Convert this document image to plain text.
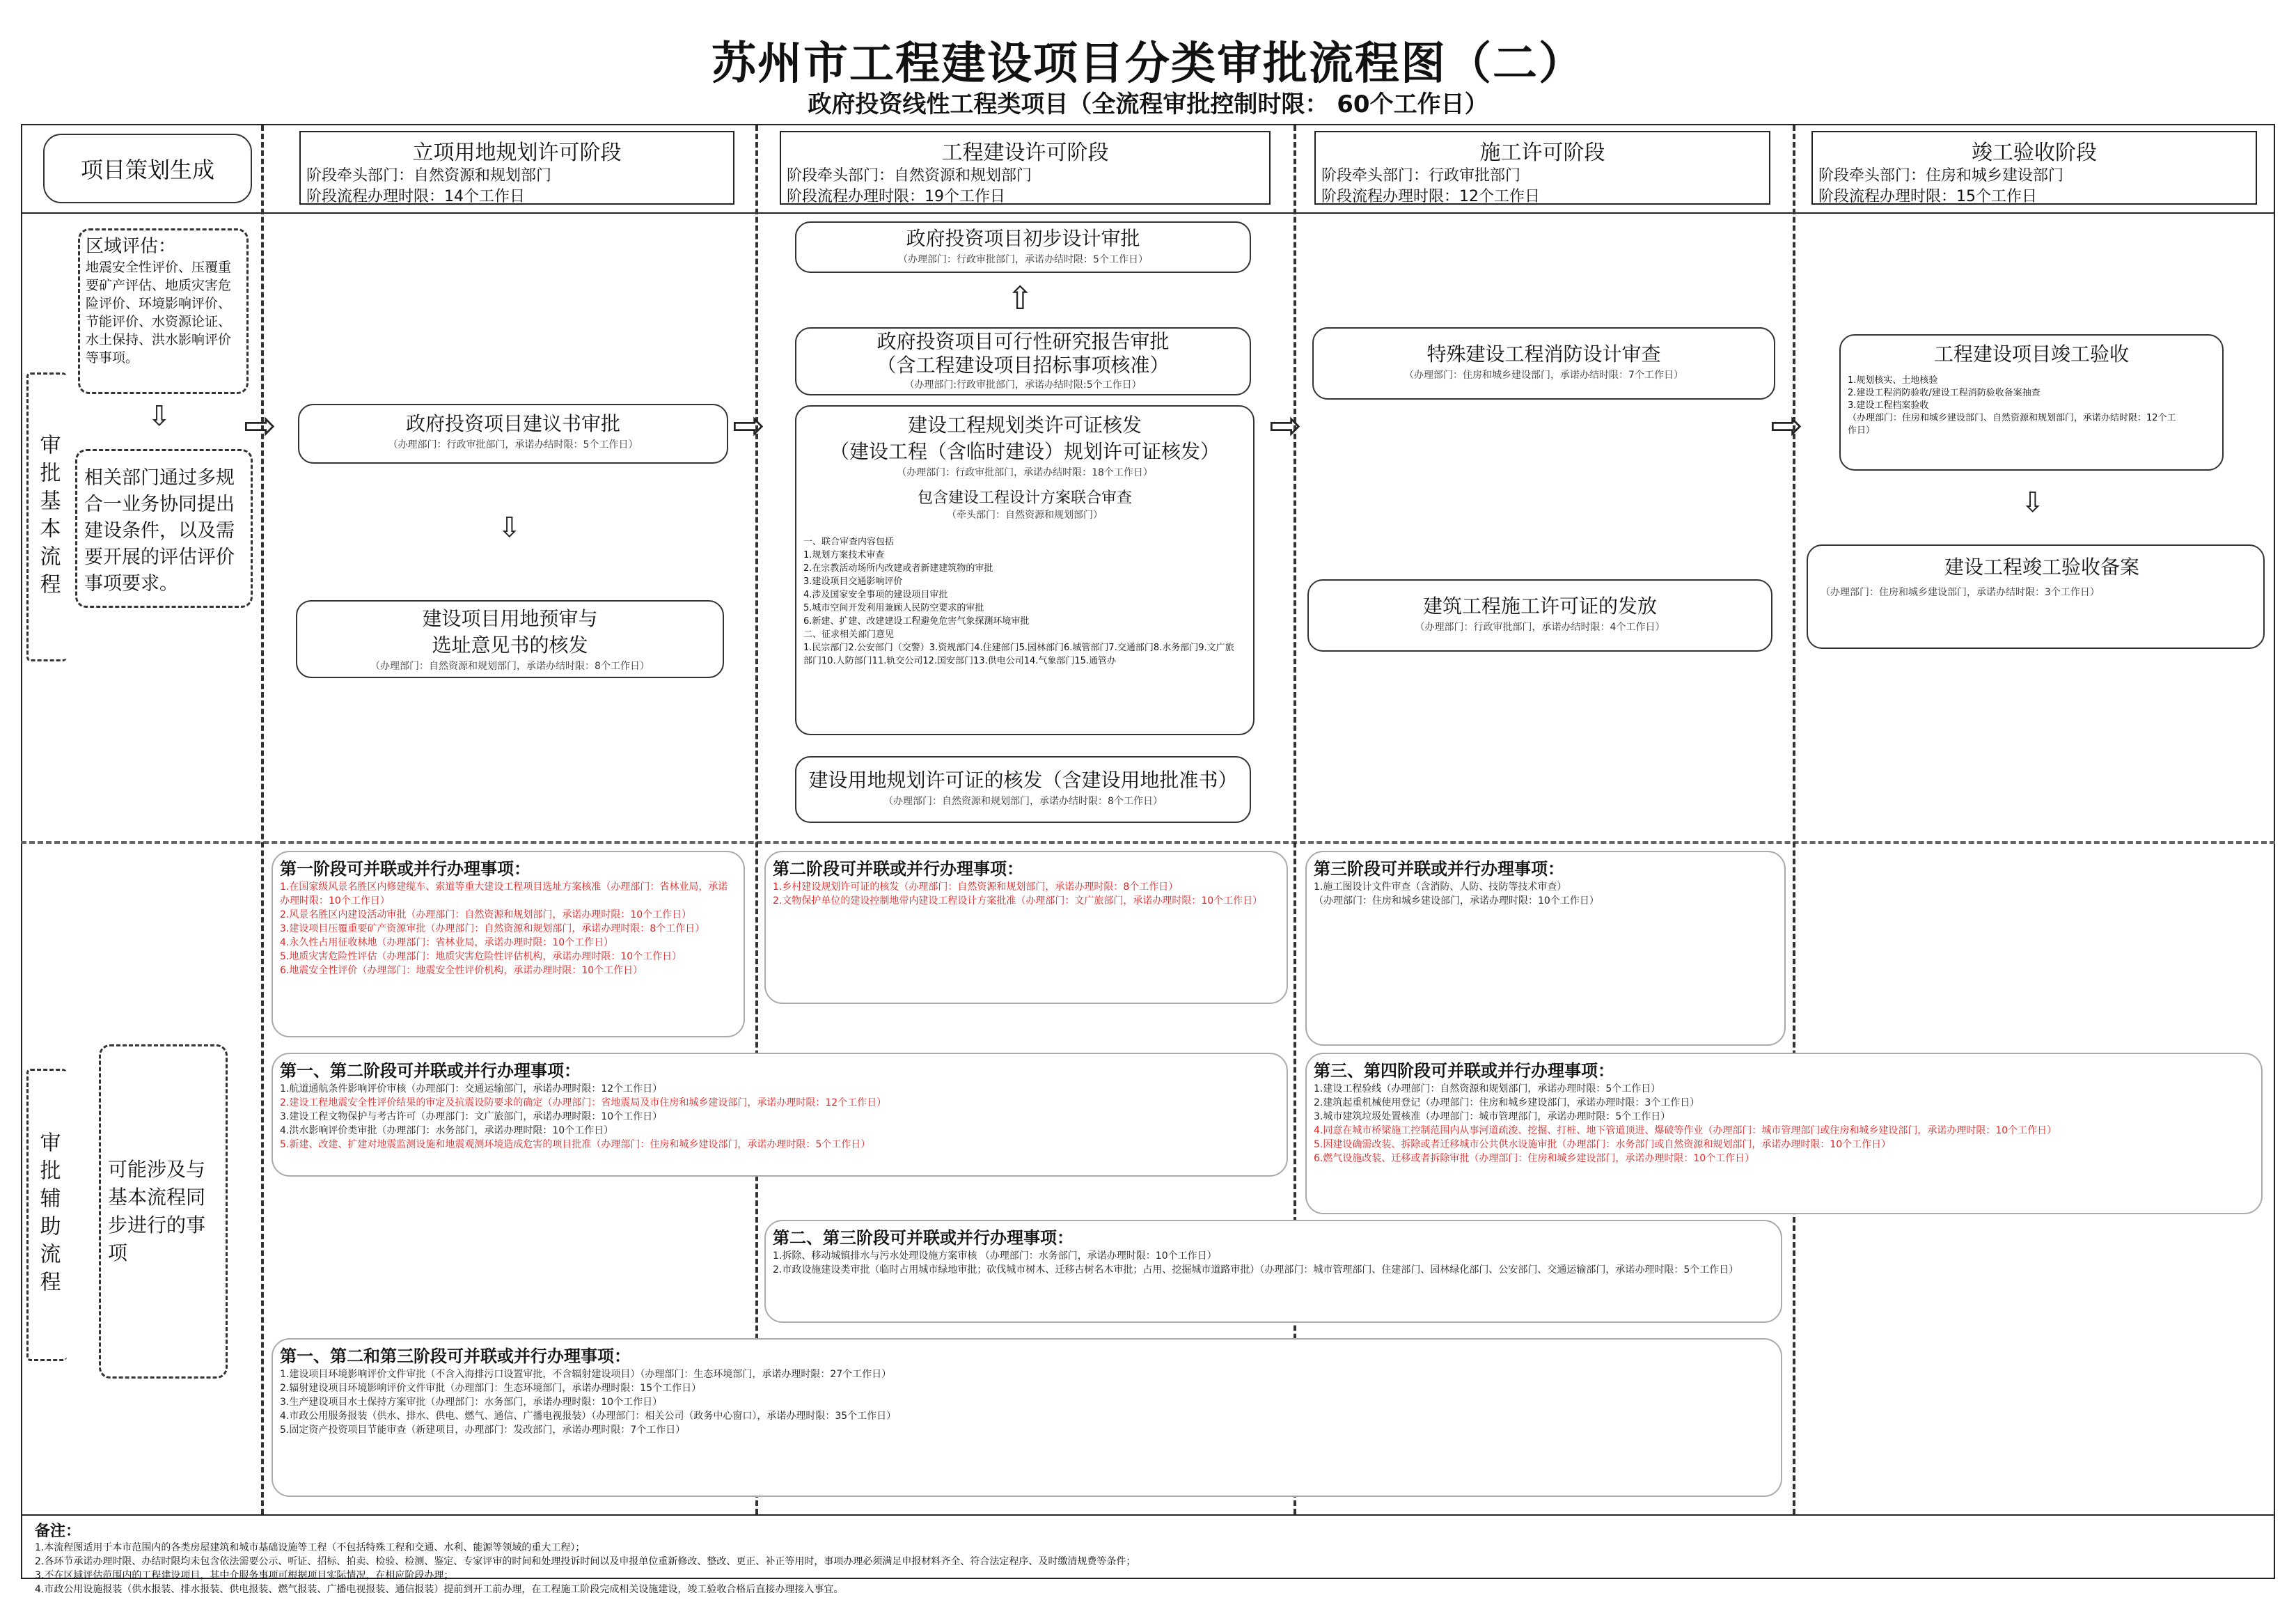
苏州市工程建设项目分类审批流程图（二）
政府投资线性工程类项目（全流程审批控制时限： 60个工作日）
项目策划生成
立项用地规划许可阶段
阶段牵头部门：自然资源和规划部门
阶段流程办理时限：14个工作日
工程建设许可阶段
阶段牵头部门：自然资源和规划部门
阶段流程办理时限：19个工作日
施工许可阶段
阶段牵头部门：行政审批部门
阶段流程办理时限：12个工作日
竣工验收阶段
阶段牵头部门：住房和城乡建设部门
阶段流程办理时限：15个工作日
审批基本流程
审批辅助流程
区域评估：
地震安全性评价、压覆重要矿产评估、地质灾害危险评价、环境影响评价、节能评价、水资源论证、水土保持、洪水影响评价等事项。
⇩
相关部门通过多规合一业务协同提出建设条件，以及需要开展的评估评价事项要求。
可能涉及与基本流程同步进行的事项
⇨	⇨	⇨	⇨
政府投资项目建议书审批
（办理部门：行政审批部门，承诺办结时限：5个工作日）
⇩
建设项目用地预审与
选址意见书的核发
（办理部门：自然资源和规划部门，承诺办结时限：8个工作日）
政府投资项目初步设计审批
（办理部门：行政审批部门，承诺办结时限：5个工作日）
⇧
政府投资项目可行性研究报告审批
（含工程建设项目招标事项核准）
（办理部门:行政审批部门，承诺办结时限:5个工作日）
建设工程规划类许可证核发
（建设工程（含临时建设）规划许可证核发）
（办理部门：行政审批部门，承诺办结时限：18个工作日）
包含建设工程设计方案联合审查
（牵头部门：自然资源和规划部门）
一、联合审查内容包括
1.规划方案技术审查
2.在宗教活动场所内改建或者新建建筑物的审批
3.建设项目交通影响评价
4.涉及国家安全事项的建设项目审批
5.城市空间开发利用兼顾人民防空要求的审批
6.新建、扩建、改建建设工程避免危害气象探测环境审批
二、征求相关部门意见
1.民宗部门2.公安部门（交警）3.资规部门4.住建部门5.园林部门6.城管部门7.交通部门8.水务部门9.文广旅部门10.人防部门11.轨交公司12.国安部门13.供电公司14.气象部门15.通管办
建设用地规划许可证的核发（含建设用地批准书）
（办理部门：自然资源和规划部门，承诺办结时限：8个工作日）
特殊建设工程消防设计审查
（办理部门：住房和城乡建设部门，承诺办结时限：7个工作日）
建筑工程施工许可证的发放
（办理部门：行政审批部门，承诺办结时限：4个工作日）
工程建设项目竣工验收
1.规划核实、土地核验
2.建设工程消防验收/建设工程消防验收备案抽查
3.建设工程档案验收
（办理部门：住房和城乡建设部门、自然资源和规划部门，承诺办结时限：12个工作日）
⇩
建设工程竣工验收备案
（办理部门：住房和城乡建设部门，承诺办结时限：3个工作日）
第一阶段可并联或并行办理事项：
1.在国家级风景名胜区内修建缆车、索道等重大建设工程项目选址方案核准（办理部门：省林业局，承诺办理时限：10个工作日）
2.风景名胜区内建设活动审批（办理部门：自然资源和规划部门，承诺办理时限：10个工作日）
3.建设项目压覆重要矿产资源审批（办理部门：自然资源和规划部门，承诺办理时限：8个工作日）
4.永久性占用征收林地（办理部门：省林业局，承诺办理时限：10个工作日）
5.地质灾害危险性评估（办理部门：地质灾害危险性评估机构，承诺办理时限：10个工作日）
6.地震安全性评价（办理部门：地震安全性评价机构，承诺办理时限：10个工作日）
第二阶段可并联或并行办理事项：
1.乡村建设规划许可证的核发（办理部门：自然资源和规划部门，承诺办理时限：8个工作日）
2.文物保护单位的建设控制地带内建设工程设计方案批准（办理部门：文广旅部门，承诺办理时限：10个工作日）
第三阶段可并联或并行办理事项：
1.施工图设计文件审查（含消防、人防、技防等技术审查）
（办理部门：住房和城乡建设部门，承诺办理时限：10个工作日）
第一、第二阶段可并联或并行办理事项：
1.航道通航条件影响评价审核（办理部门：交通运输部门，承诺办理时限：12个工作日）
2.建设工程地震安全性评价结果的审定及抗震设防要求的确定（办理部门：省地震局及市住房和城乡建设部门，承诺办理时限：12个工作日）
3.建设工程文物保护与考古许可（办理部门：文广旅部门，承诺办理时限：10个工作日）
4.洪水影响评价类审批（办理部门：水务部门，承诺办理时限：10个工作日）
5.新建、改建、扩建对地震监测设施和地震观测环境造成危害的项目批准（办理部门：住房和城乡建设部门，承诺办理时限：5个工作日）
第三、第四阶段可并联或并行办理事项：
1.建设工程验线（办理部门：自然资源和规划部门，承诺办理时限：5个工作日）
2.建筑起重机械使用登记（办理部门：住房和城乡建设部门，承诺办理时限：3个工作日）
3.城市建筑垃圾处置核准（办理部门：城市管理部门，承诺办理时限：5个工作日）
4.同意在城市桥梁施工控制范围内从事河道疏浚、挖掘、打桩、地下管道顶进、爆破等作业（办理部门：城市管理部门或住房和城乡建设部门，承诺办理时限：10个工作日）
5.因建设确需改装、拆除或者迁移城市公共供水设施审批（办理部门：水务部门或自然资源和规划部门，承诺办理时限：10个工作日）
6.燃气设施改装、迁移或者拆除审批（办理部门：住房和城乡建设部门，承诺办理时限：10个工作日）
第二、第三阶段可并联或并行办理事项：
1.拆除、移动城镇排水与污水处理设施方案审核 （办理部门：水务部门，承诺办理时限：10个工作日）
2.市政设施建设类审批（临时占用城市绿地审批；砍伐城市树木、迁移古树名木审批；占用、挖掘城市道路审批）（办理部门：城市管理部门、住建部门、园林绿化部门、公安部门、交通运输部门，承诺办理时限：5个工作日）
第一、第二和第三阶段可并联或并行办理事项：
1.建设项目环境影响评价文件审批（不含入海排污口设置审批，不含辐射建设项目）（办理部门：生态环境部门，承诺办理时限：27个工作日）
2.辐射建设项目环境影响评价文件审批（办理部门：生态环境部门，承诺办理时限：15个工作日）
3.生产建设项目水土保持方案审批（办理部门：水务部门，承诺办理时限：10个工作日）
4.市政公用服务报装（供水、排水、供电、燃气、通信、广播电视报装）（办理部门：相关公司（政务中心窗口），承诺办理时限：35个工作日）
5.固定资产投资项目节能审查（新建项目，办理部门：发改部门，承诺办理时限：7个工作日）
备注：
1.本流程图适用于本市范围内的各类房屋建筑和城市基础设施等工程（不包括特殊工程和交通、水利、能源等领域的重大工程）；
2.各环节承诺办理时限、办结时限均未包含依法需要公示、听证、招标、拍卖、检验、检测、鉴定、专家评审的时间和处理投诉时间以及申报单位重新修改、整改、更正、补正等用时，事项办理必须满足申报材料齐全、符合法定程序、及时缴清规费等条件；
3.不在区域评估范围内的工程建设项目，其中介服务事项可根据项目实际情况，在相应阶段办理；
4.市政公用设施报装（供水报装、排水报装、供电报装、燃气报装、广播电视报装、通信报装）提前到开工前办理，在工程施工阶段完成相关设施建设，竣工验收合格后直接办理接入事宜。
